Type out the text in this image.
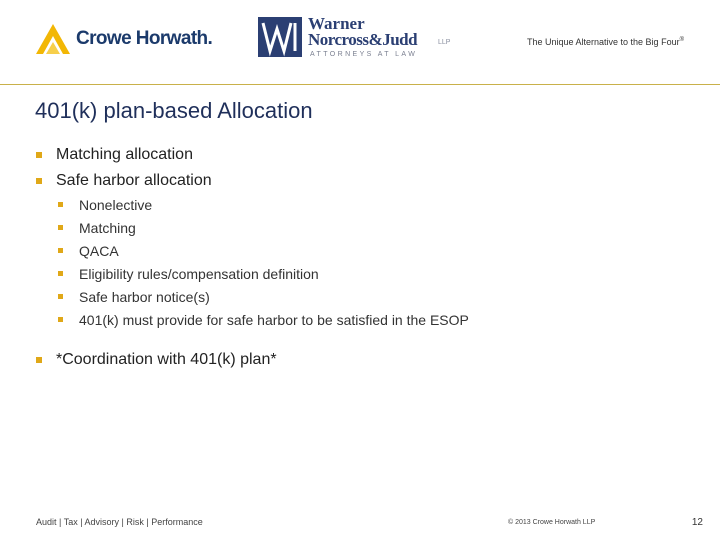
Crowe Horwath.
Warner
Norcross&Judd	LLP
ATTORNEYS AT LAW
The Unique Alternative to the Big Four®
401(k) plan-based Allocation
Matching allocation
Safe harbor allocation
Nonelective
Matching
QACA
Eligibility rules/compensation definition
Safe harbor notice(s)
401(k) must provide for safe harbor to be satisfied in the ESOP
*Coordination with 401(k) plan*
Audit | Tax | Advisory | Risk | Performance	© 2013 Crowe Horwath LLP	12
